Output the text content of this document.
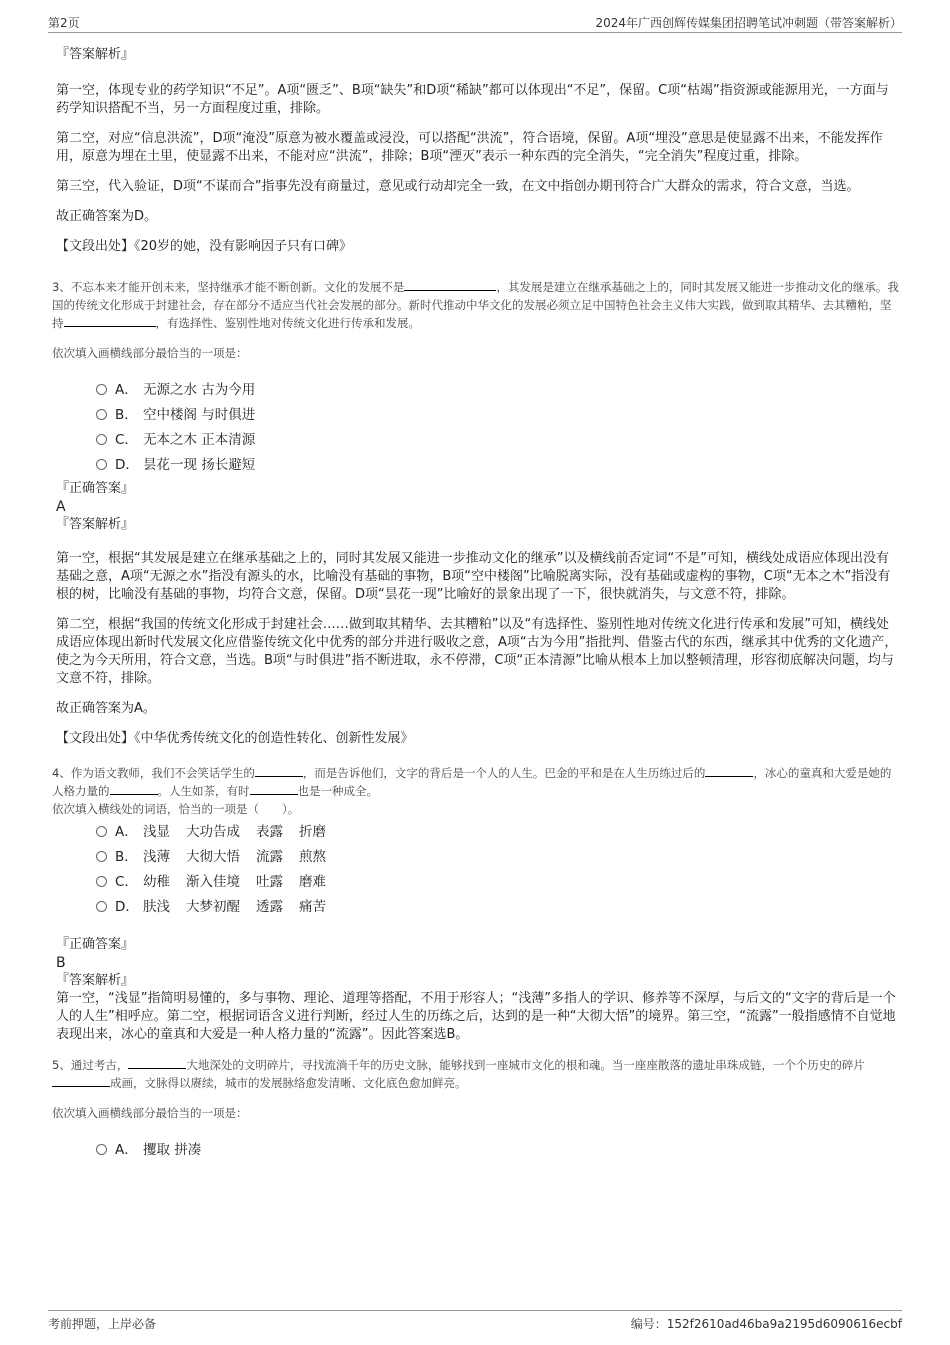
第2页	2024年广西创辉传媒集团招聘笔试冲刺题（带答案解析）

『答案解析』

第一空，体现专业的药学知识“不足”。A项“匮乏”、B项“缺失”和D项“稀缺”都可以体现出“不足”，保留。C项“枯竭”指资源或能源用光，一方面与药学知识搭配不当，另一方面程度过重，排除。

第二空，对应“信息洪流”，D项“淹没”原意为被水覆盖或浸没，可以搭配“洪流”，符合语境，保留。A项“埋没”意思是使显露不出来，不能发挥作用，原意为埋在土里，使显露不出来，不能对应“洪流”，排除；B项“湮灭”表示一种东西的完全消失，“完全消失”程度过重，排除。

第三空，代入验证，D项“不谋而合”指事先没有商量过，意见或行动却完全一致，在文中指创办期刊符合广大群众的需求，符合文意，当选。

故正确答案为D。

【文段出处】《20岁的她，没有影响因子只有口碑》

3、不忘本来才能开创未来，坚持继承才能不断创新。文化的发展不是	，其发展是建立在继承基础之上的，同时其发展又能进一步推动文化的继承。我国的传统文化形成于封建社会，存在部分不适应当代社会发展的部分。新时代推动中华文化的发展必须立足中国特色社会主义伟大实践，做到取其精华、去其糟粕，坚持	，有选择性、鉴别性地对传统文化进行传承和发展。

依次填入画横线部分最恰当的一项是：

A． 无源之水 古为今用
B． 空中楼阁 与时俱进
C． 无本之木 正本清源
D． 昙花一现 扬长避短

『正确答案』

A

『答案解析』

第一空，根据“其发展是建立在继承基础之上的，同时其发展又能进一步推动文化的继承”以及横线前否定词“不是”可知，横线处成语应体现出没有基础之意，A项“无源之水”指没有源头的水，比喻没有基础的事物，B项“空中楼阁”比喻脱离实际，没有基础或虚构的事物，C项“无本之木”指没有根的树，比喻没有基础的事物，均符合文意，保留。D项“昙花一现”比喻好的景象出现了一下，很快就消失，与文意不符，排除。

第二空，根据“我国的传统文化形成于封建社会……做到取其精华、去其糟粕”以及“有选择性、鉴别性地对传统文化进行传承和发展”可知，横线处成语应体现出新时代发展文化应借鉴传统文化中优秀的部分并进行吸收之意，A项“古为今用”指批判、借鉴古代的东西，继承其中优秀的文化遗产，使之为今天所用，符合文意，当选。B项“与时俱进”指不断进取，永不停滞，C项“正本清源”比喻从根本上加以整顿清理，形容彻底解决问题，均与文意不符，排除。

故正确答案为A。

【文段出处】《中华优秀传统文化的创造性转化、创新性发展》

4、作为语文教师，我们不会笑话学生的	，而是告诉他们，文字的背后是一个人的人生。巴金的平和是在人生历练过后的	，冰心的童真和大爱是她的人格力量的	。人生如茶，有时	也是一种成全。

依次填入横线处的词语，恰当的一项是（　　）。

A． 浅显 大功告成 表露 折磨
B． 浅薄 大彻大悟 流露 煎熬
C． 幼稚 渐入佳境 吐露 磨难
D． 肤浅 大梦初醒 透露 痛苦

『正确答案』

B

『答案解析』

第一空，“浅显”指简明易懂的，多与事物、理论、道理等搭配，不用于形容人；“浅薄”多指人的学识、修养等不深厚，与后文的“文字的背后是一个人的人生”相呼应。第二空，根据词语含义进行判断，经过人生的历练之后，达到的是一种“大彻大悟”的境界。第三空，“流露”一般指感情不自觉地表现出来，冰心的童真和大爱是一种人格力量的“流露”。因此答案选B。

5、通过考古，	大地深处的文明碎片，寻找流淌千年的历史文脉，能够找到一座城市文化的根和魂。当一座座散落的遗址串珠成链，一个个历史的碎片成画，文脉得以赓续，城市的发展脉络愈发清晰、文化底色愈加鲜亮。

依次填入画横线部分最恰当的一项是：

A． 攫取 拼凑
考前押题，上岸必备	编号：152f2610ad46ba9a2195d6090616ecbf
